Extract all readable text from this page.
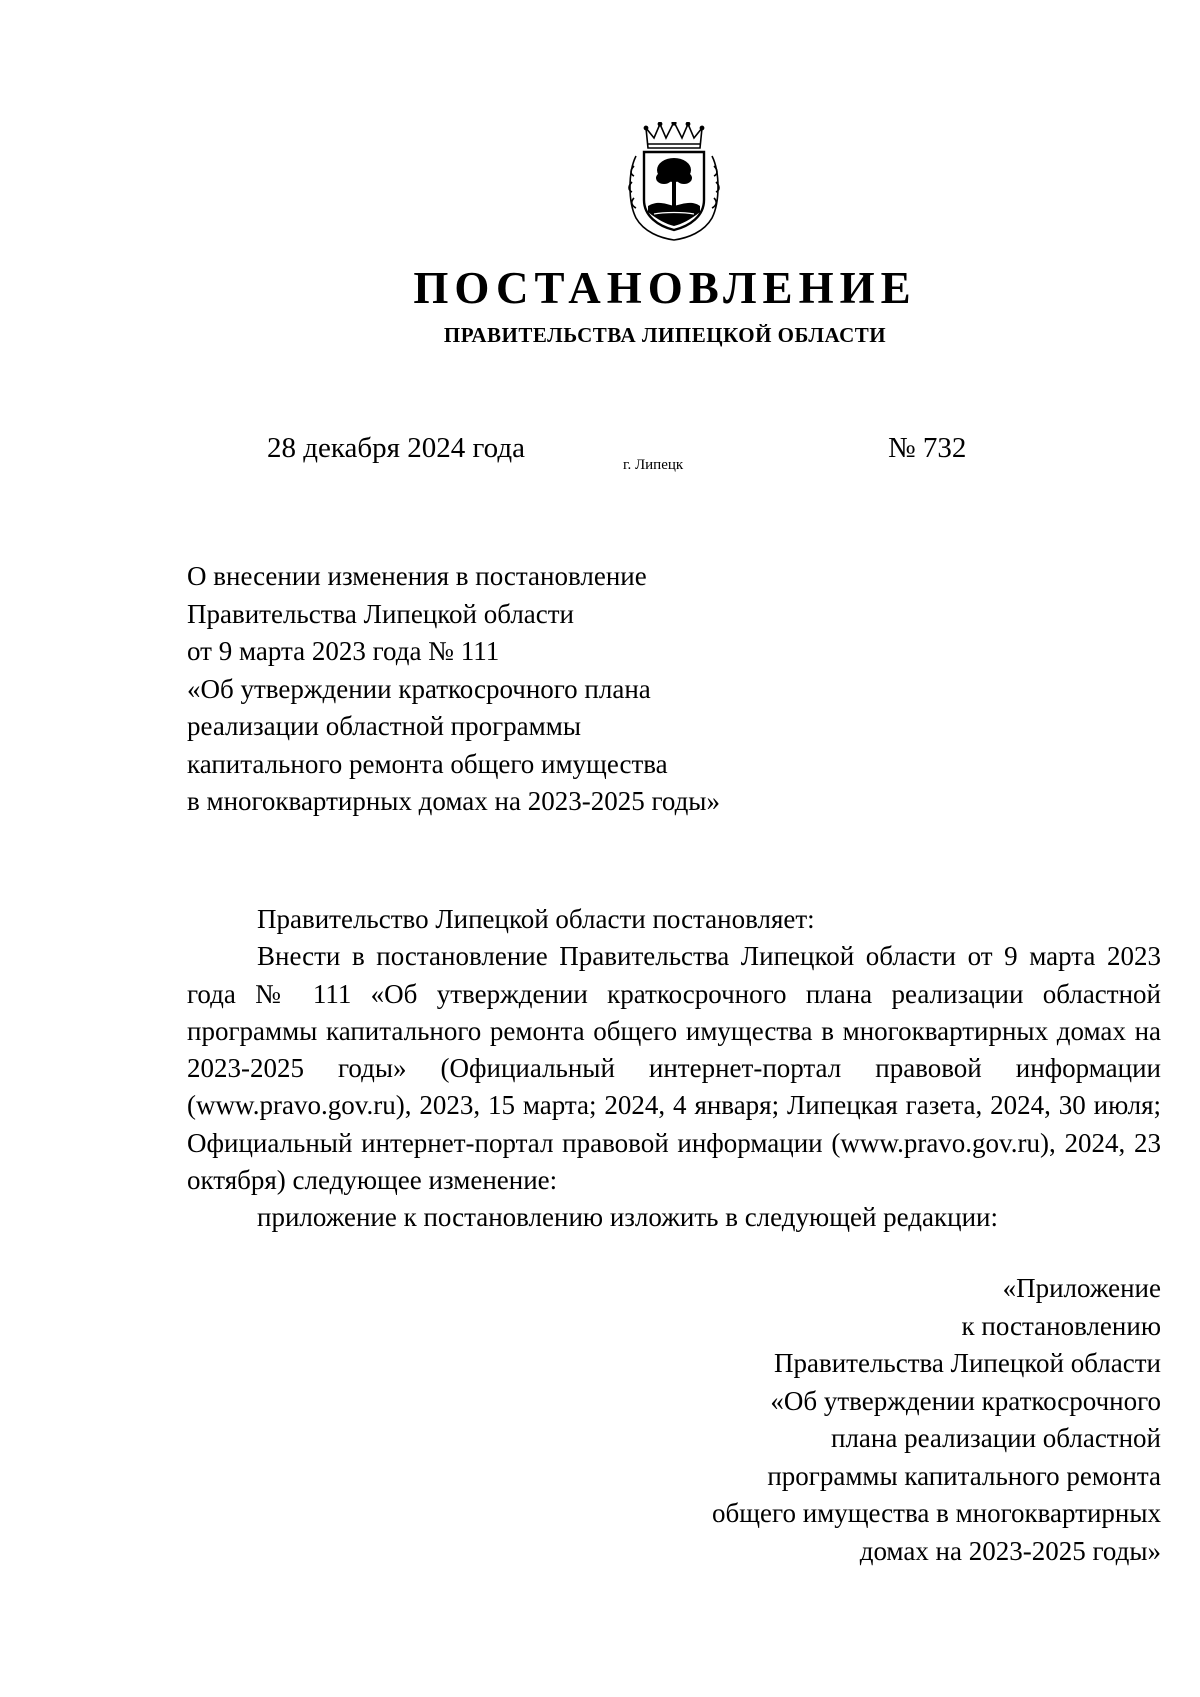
ПОСТАНОВЛЕНИЕ
ПРАВИТЕЛЬСТВА ЛИПЕЦКОЙ ОБЛАСТИ
28 декабря 2024 года
г. Липецк
№ 732
О внесении изменения в постановление
Правительства Липецкой области
от 9 марта 2023 года № 111
«Об утверждении краткосрочного плана
реализации областной программы
капитального ремонта общего имущества
в многоквартирных домах на 2023-2025 годы»

Правительство Липецкой области постановляет:

Внести в постановление Правительства Липецкой области от 9 марта 2023 года № 111 «Об утверждении краткосрочного плана реализации областной программы капитального ремонта общего имущества в многоквартирных домах на 2023-2025 годы» (Официальный интернет-портал правовой информации (www.pravo.gov.ru), 2023, 15 марта; 2024, 4 января; Липецкая газета, 2024, 30 июля; Официальный интернет-портал правовой информации (www.pravo.gov.ru), 2024, 23 октября) следующее изменение:

приложение к постановлению изложить в следующей редакции:

«Приложение
к постановлению
Правительства Липецкой области
«Об утверждении краткосрочного
плана реализации областной
программы капитального ремонта
общего имущества в многоквартирных
домах на 2023-2025 годы»
